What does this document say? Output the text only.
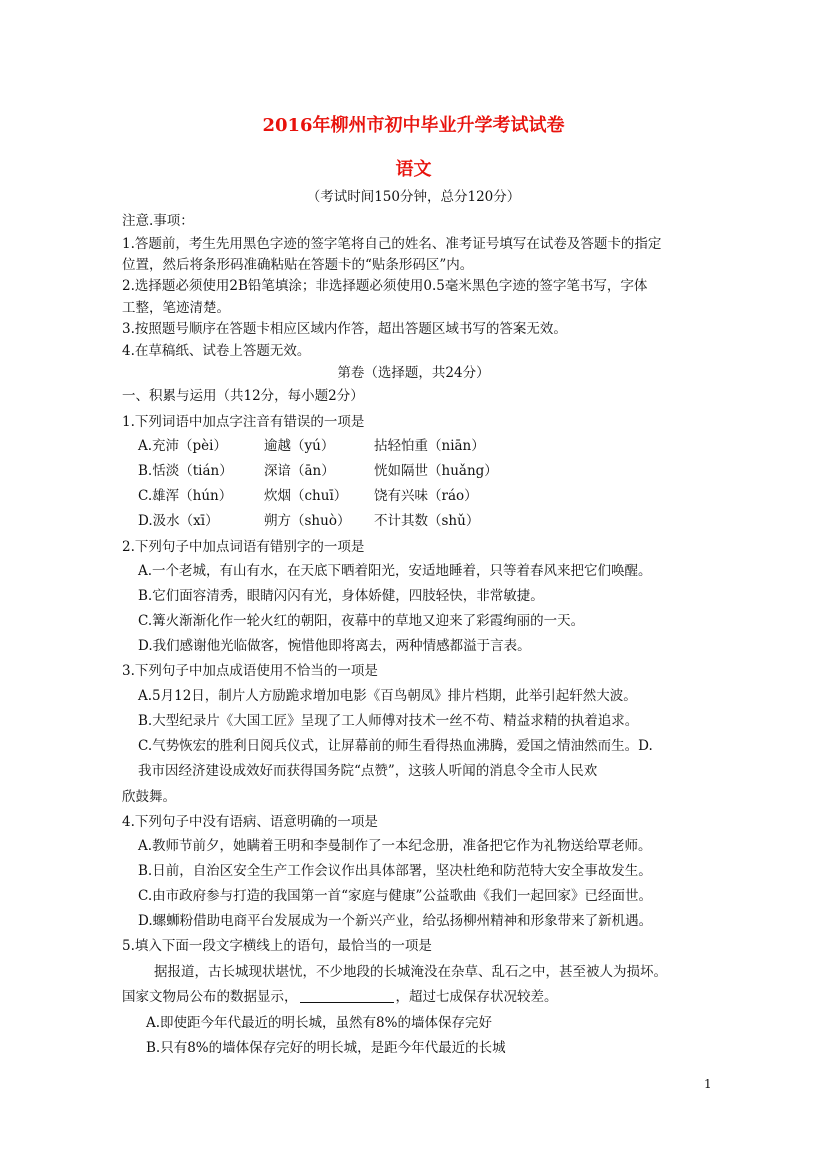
2016年柳州市初中毕业升学考试试卷
语文
（考试时间150分钟，总分120分）
注意.事项：
1.答题前，考生先用黑色字迹的签字笔将自己的姓名、准考证号填写在试卷及答题卡的指定
位置，然后将条形码准确粘贴在答题卡的“贴条形码区”内。
2.选择题必须使用2B铅笔填涂；非选择题必须使用0.5毫米黑色字迹的签字笔书写，字体
工整，笔迹清楚。
3.按照题号顺序在答题卡相应区域内作答，超出答题区域书写的答案无效。
4.在草稿纸、试卷上答题无效。
第卷（选择题，共24分）
一、积累与运用（共12分，每小题2分）
1.下列词语中加点字注音有错误的一项是
A.充沛（pèi）	逾越（yú）	拈轻怕重（niān）
B.恬淡（tián） 深谙（ān）	恍如隔世（huǎng）
C.雄浑（hún） 炊烟（chuī） 饶有兴味（ráo）
D.汲水（xī）	朔方（shuò） 不计其数（shǔ）
2.下列句子中加点词语有错别字的一项是
A.一个老城，有山有水，在天底下晒着阳光，安适地睡着，只等着春风来把它们唤醒。
B.它们面容清秀，眼睛闪闪有光，身体娇健，四肢轻快，非常敏捷。
C.篝火渐渐化作一轮火红的朝阳，夜幕中的草地又迎来了彩霞绚丽的一天。
D.我们感谢他光临做客，惋惜他即将离去，两种情感都溢于言表。
3.下列句子中加点成语使用不恰当的一项是
A.5月12日，制片人方励跪求增加电影《百鸟朝凤》排片档期，此举引起轩然大波。
B.大型纪录片《大国工匠》呈现了工人师傅对技术一丝不苟、精益求精的执着追求。
C.气势恢宏的胜利日阅兵仪式，让屏幕前的师生看得热血沸腾，爱国之情油然而生。D.
我市因经济建设成效好而获得国务院“点赞”，这骇人听闻的消息令全市人民欢
欣鼓舞。
4.下列句子中没有语病、语意明确的一项是
A.教师节前夕，她瞒着王明和李曼制作了一本纪念册，准备把它作为礼物送给覃老师。
B.日前，自治区安全生产工作会议作出具体部署，坚决杜绝和防范特大安全事故发生。
C.由市政府参与打造的我国第一首“家庭与健康”公益歌曲《我们一起回家》已经面世。
D.螺蛳粉借助电商平台发展成为一个新兴产业，给弘扬柳州精神和形象带来了新机遇。
5.填入下面一段文字横线上的语句，最恰当的一项是
据报道，古长城现状堪忧，不少地段的长城淹没在杂草、乱石之中，甚至被人为损坏。
国家文物局公布的数据显示，	，超过七成保存状况较差。
A.即使距今年代最近的明长城，虽然有8%的墙体保存完好
B.只有8%的墙体保存完好的明长城，是距今年代最近的长城
1
